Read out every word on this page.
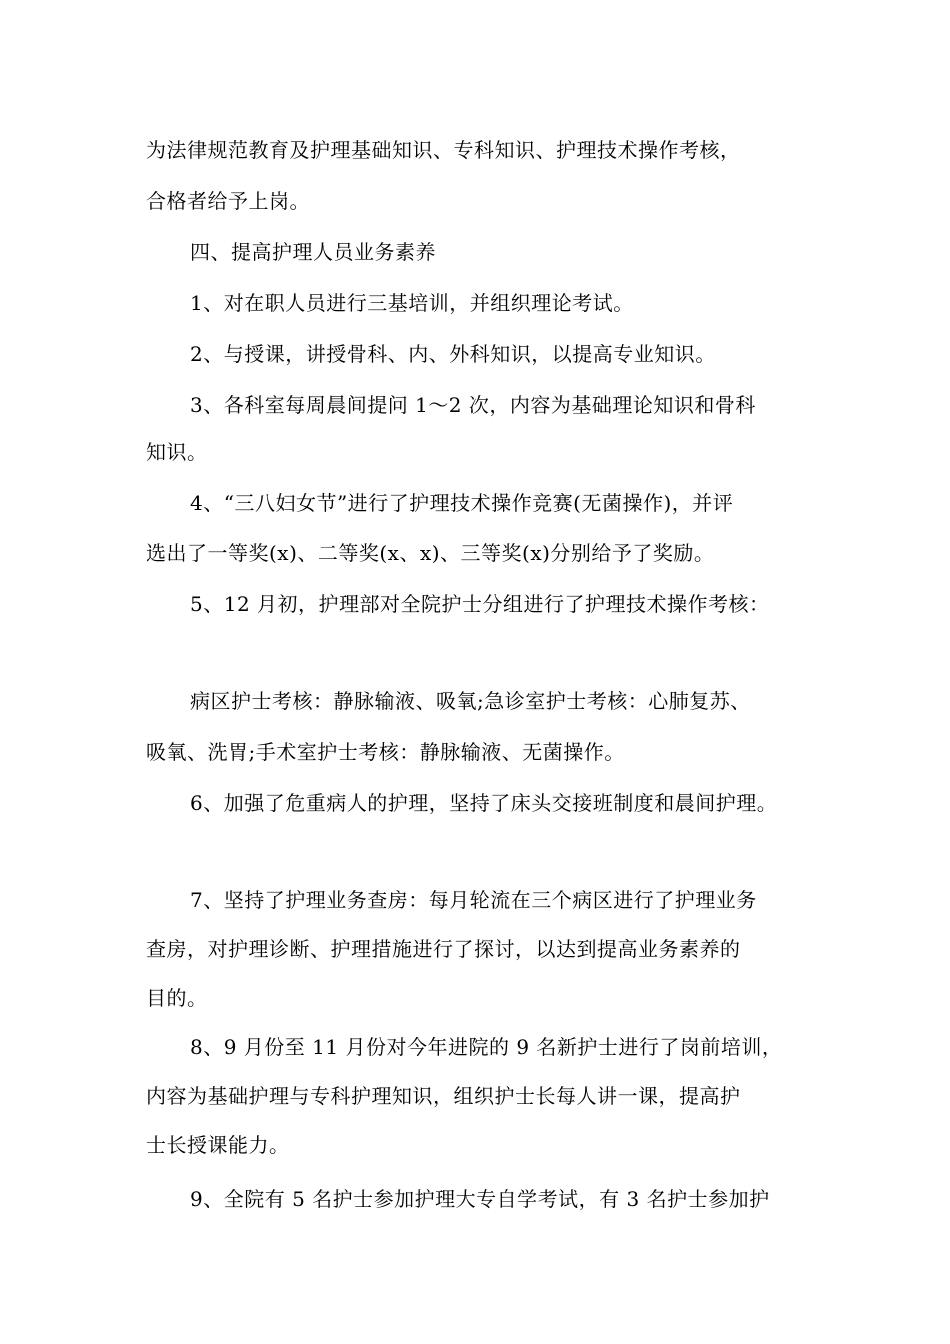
为法律规范教育及护理基础知识、专科知识、护理技术操作考核，
合格者给予上岗。
四、提高护理人员业务素养
1、对在职人员进行三基培训，并组织理论考试。
2、与授课，讲授骨科、内、外科知识，以提高专业知识。
3、各科室每周晨间提问 1～2 次，内容为基础理论知识和骨科
知识。
4、“三八妇女节”进行了护理技术操作竞赛(无菌操作)，并评
选出了一等奖(x)、二等奖(x、x)、三等奖(x)分别给予了奖励。
5、12 月初，护理部对全院护士分组进行了护理技术操作考核：
病区护士考核：静脉输液、吸氧;急诊室护士考核：心肺复苏、
吸氧、洗胃;手术室护士考核：静脉输液、无菌操作。
6、加强了危重病人的护理，坚持了床头交接班制度和晨间护理。
7、坚持了护理业务查房：每月轮流在三个病区进行了护理业务
查房，对护理诊断、护理措施进行了探讨，以达到提高业务素养的
目的。
8、9 月份至 11 月份对今年进院的 9 名新护士进行了岗前培训，
内容为基础护理与专科护理知识，组织护士长每人讲一课，提高护
士长授课能力。
9、全院有 5 名护士参加护理大专自学考试，有 3 名护士参加护
